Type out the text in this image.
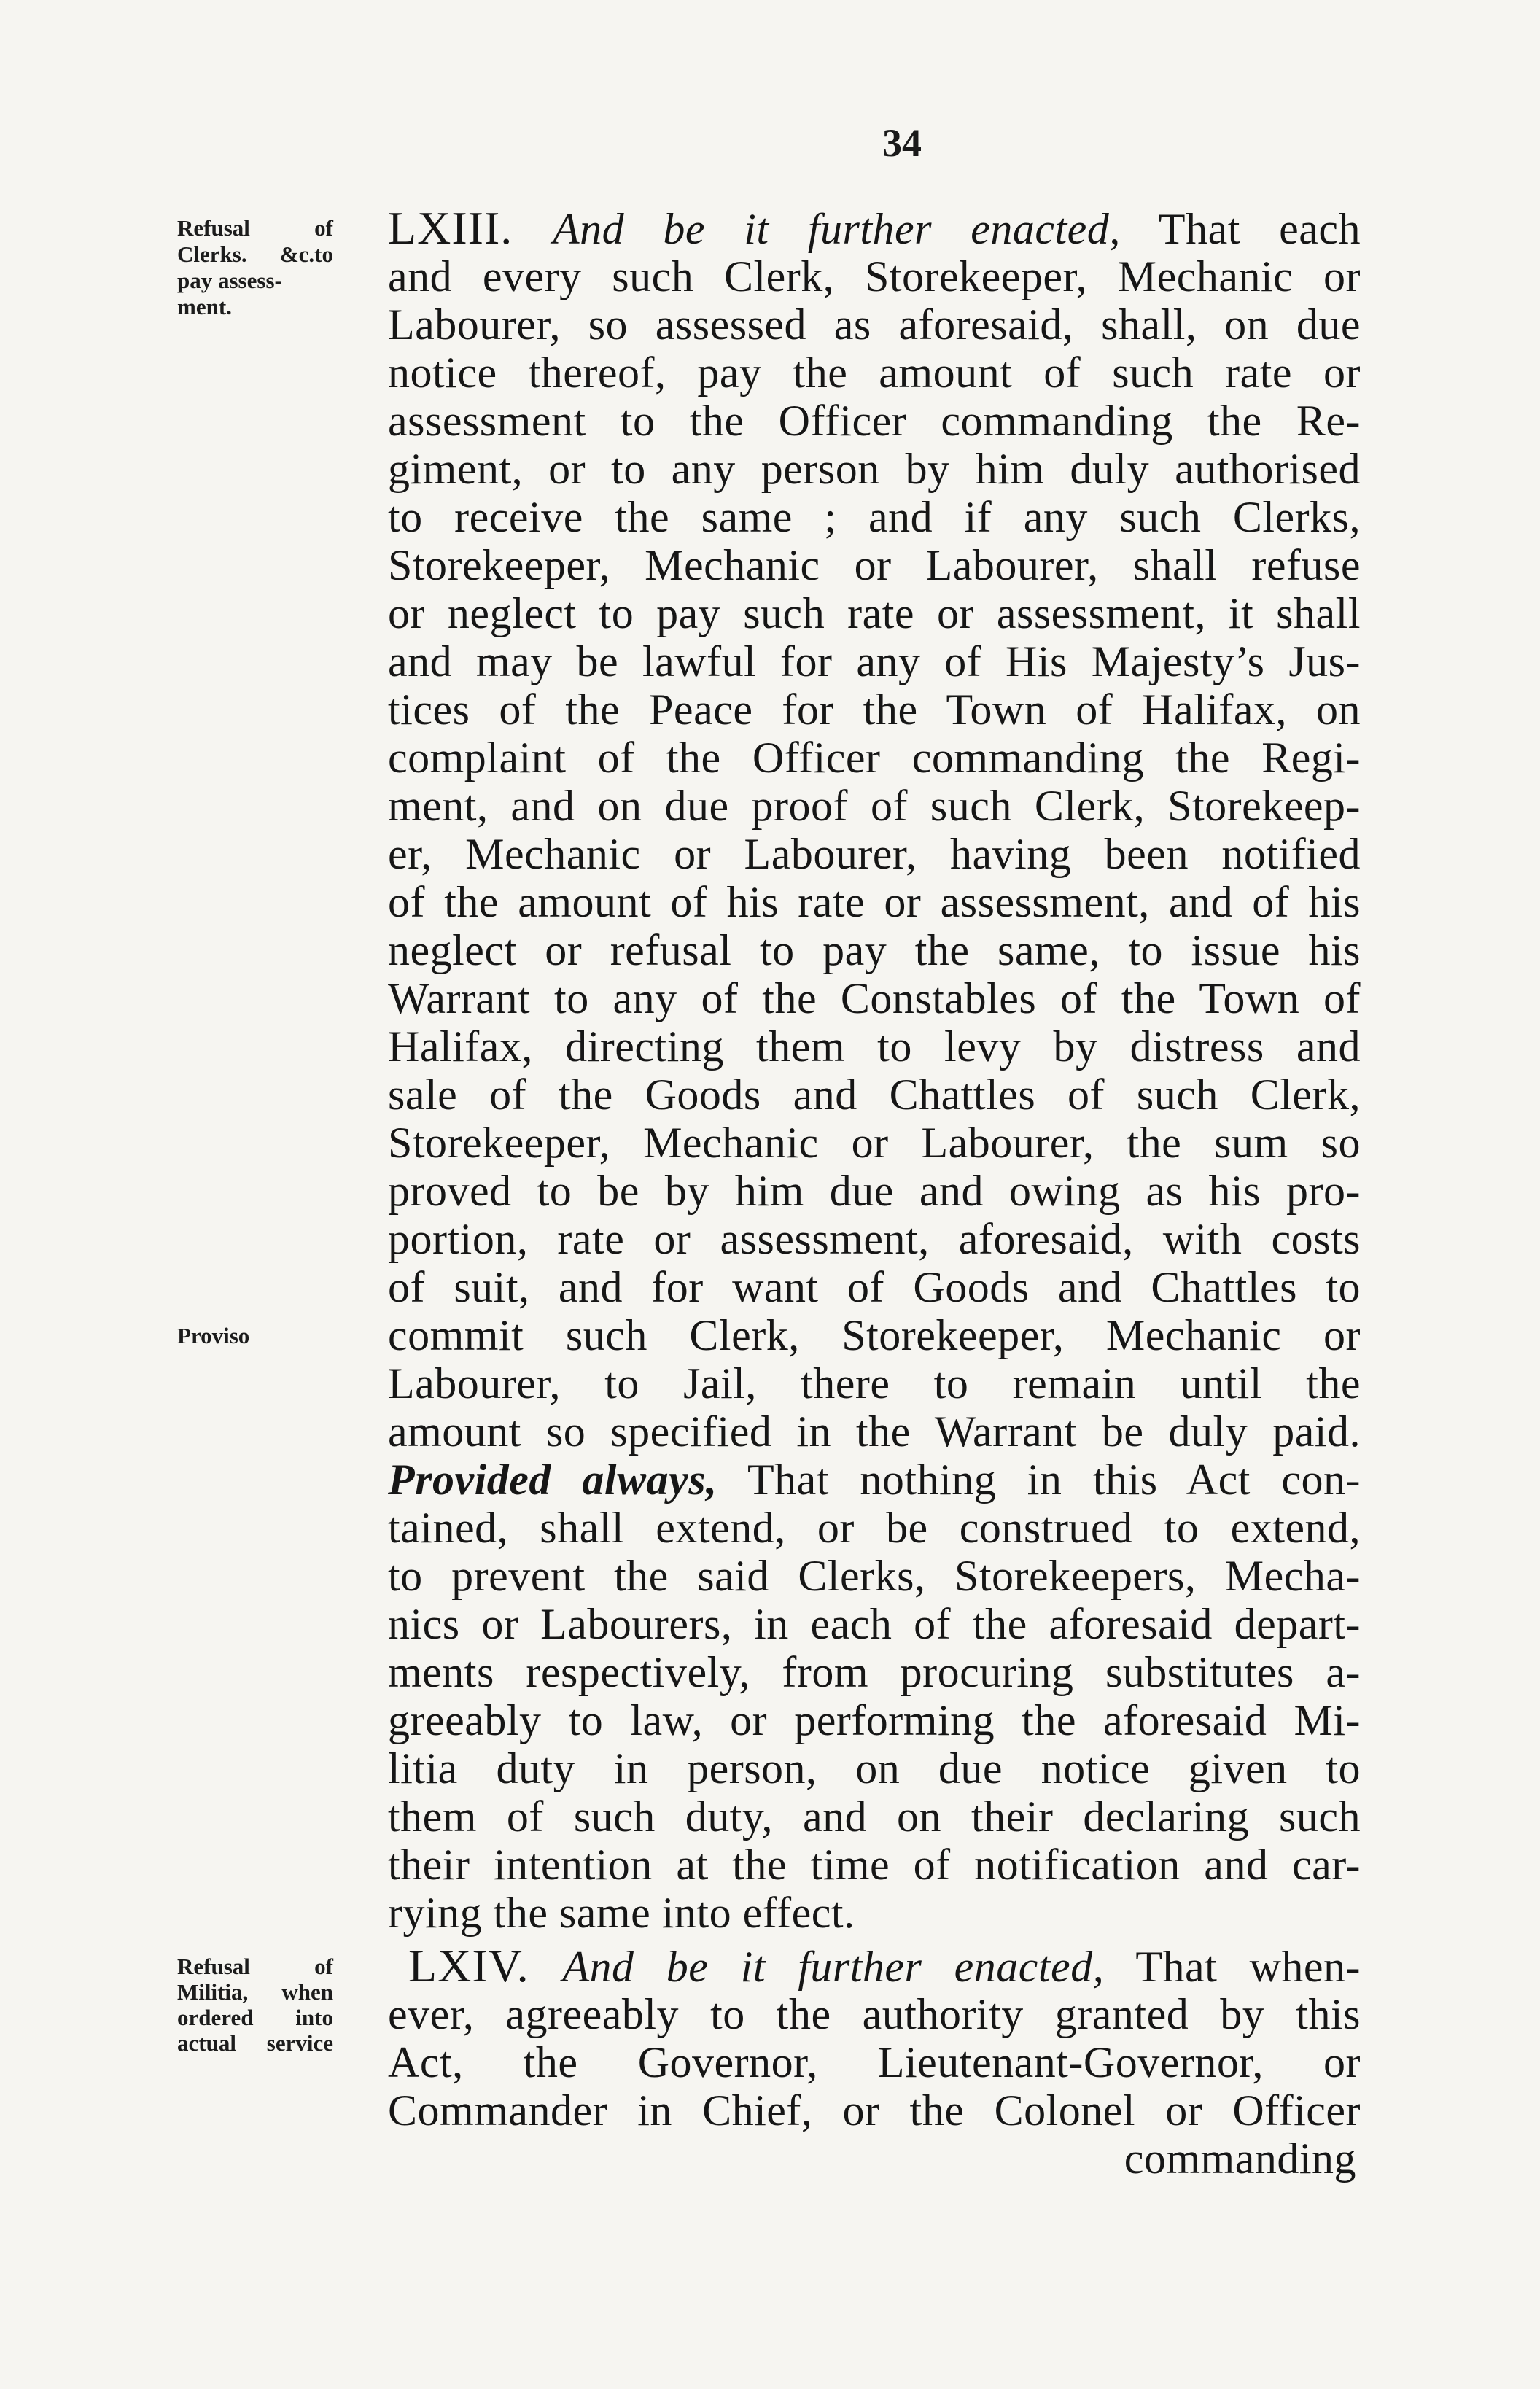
34
Refusal of
Clerks. &c.to
pay assess-
ment.
Proviso
Refusal of
Militia, when
ordered into
actual service
LXIII. And be it further enacted, That each
and every such Clerk, Storekeeper, Mechanic or
Labourer, so assessed as aforesaid, shall, on due
notice thereof, pay the amount of such rate or
assessment to the Officer commanding the Re-
giment, or to any person by him duly authorised
to receive the same ; and if any such Clerks,
Storekeeper, Mechanic or Labourer, shall refuse
or neglect to pay such rate or assessment, it shall
and may be lawful for any of His Majesty’s Jus-
tices of the Peace for the Town of Halifax, on
complaint of the Officer commanding the Regi-
ment, and on due proof of such Clerk, Storekeep-
er, Mechanic or Labourer, having been notified
of the amount of his rate or assessment, and of his
neglect or refusal to pay the same, to issue his
Warrant to any of the Constables of the Town of
Halifax, directing them to levy by distress and
sale of the Goods and Chattles of such Clerk,
Storekeeper, Mechanic or Labourer, the sum so
proved to be by him due and owing as his pro-
portion, rate or assessment, aforesaid, with costs
of suit, and for want of Goods and Chattles to
commit such Clerk, Storekeeper, Mechanic or
Labourer, to Jail, there to remain until the
amount so specified in the Warrant be duly paid.
Provided always, That nothing in this Act con-
tained, shall extend, or be construed to extend,
to prevent the said Clerks, Storekeepers, Mecha-
nics or Labourers, in each of the aforesaid depart-
ments respectively, from procuring substitutes a-
greeably to law, or performing the aforesaid Mi-
litia duty in person, on due notice given to
them of such duty, and on their declaring such
their intention at the time of notification and car-
rying the same into effect.
LXIV. And be it further enacted, That when-
ever, agreeably to the authority granted by this
Act, the Governor, Lieutenant-Governor, or
Commander in Chief, or the Colonel or Officer
commanding
